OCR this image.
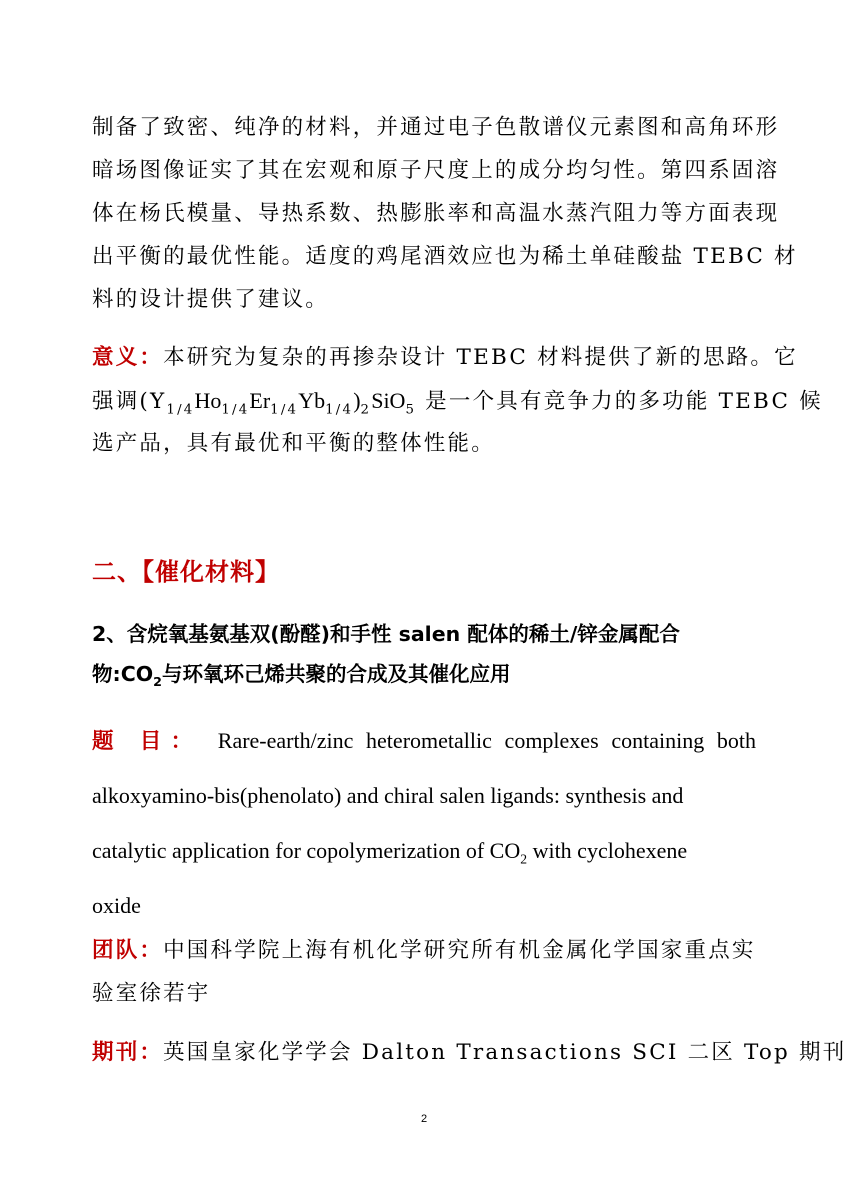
制备了致密、纯净的材料，并通过电子色散谱仪元素图和高角环形
暗场图像证实了其在宏观和原子尺度上的成分均匀性。第四系固溶
体在杨氏模量、导热系数、热膨胀率和高温水蒸汽阻力等方面表现
出平衡的最优性能。适度的鸡尾酒效应也为稀土单硅酸盐 TEBC 材
料的设计提供了建议。
意义：本研究为复杂的再掺杂设计 TEBC 材料提供了新的思路。它
强调$(Y_{1/4}Ho_{1/4}Er_{1/4}Yb_{1/4})_2SiO_5$ 是一个具有竞争力的多功能 TEBC 候
选产品，具有最优和平衡的整体性能。
二、【催化材料】
2、含烷氧基氨基双(酚醛)和手性 salen 配体的稀土/锌金属配合
物$:CO_2$与环氧环己烯共聚的合成及其催化应用
题 目： Rare-earth/zinc heterometallic complexes containing both
alkoxyamino-bis(phenolato) and chiral salen ligands: synthesis and
catalytic application for copolymerization of $CO_2$ with cyclohexene
oxide
团队：中国科学院上海有机化学研究所有机金属化学国家重点实
验室徐若宇
期刊：英国皇家化学学会 Dalton Transactions SCI 二区 Top 期刊
2
